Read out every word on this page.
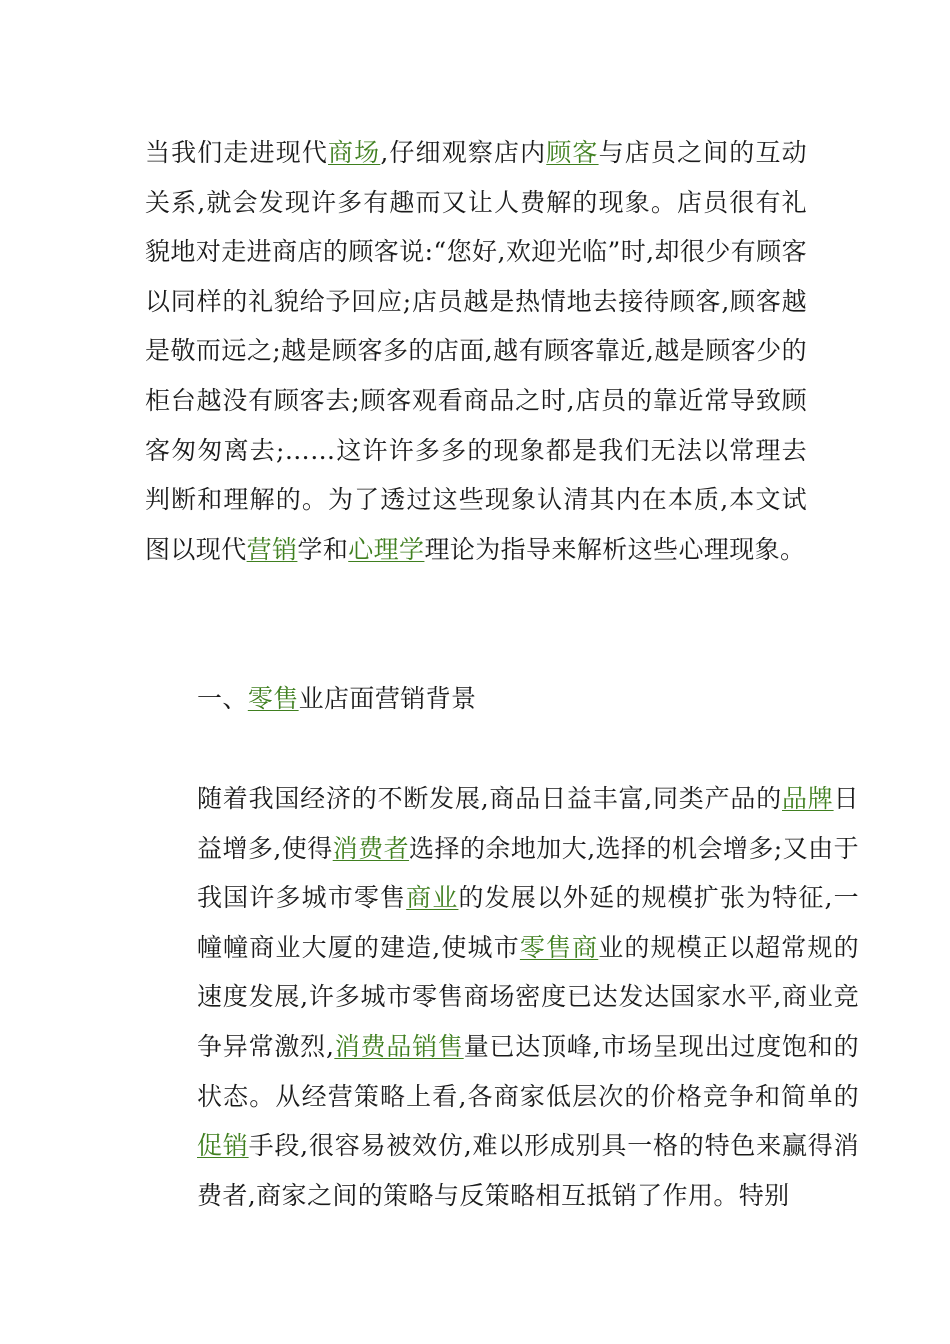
当我们走进现代商场,仔细观察店内顾客与店员之间的互动关系,就会发现许多有趣而又让人费解的现象。店员很有礼貌地对走进商店的顾客说:“您好,欢迎光临”时,却很少有顾客以同样的礼貌给予回应;店员越是热情地去接待顾客,顾客越是敬而远之;越是顾客多的店面,越有顾客靠近,越是顾客少的柜台越没有顾客去;顾客观看商品之时,店员的靠近常导致顾客匆匆离去;……这许许多多的现象都是我们无法以常理去判断和理解的。为了透过这些现象认清其内在本质,本文试图以现代营销学和心理学理论为指导来解析这些心理现象。

一、零售业店面营销背景

随着我国经济的不断发展,商品日益丰富,同类产品的品牌日益增多,使得消费者选择的余地加大,选择的机会增多;又由于我国许多城市零售商业的发展以外延的规模扩张为特征,一幢幢商业大厦的建造,使城市零售商业的规模正以超常规的速度发展,许多城市零售商场密度已达发达国家水平,商业竞争异常激烈,消费品销售量已达顶峰,市场呈现出过度饱和的状态。从经营策略上看,各商家低层次的价格竞争和简单的促销手段,很容易被效仿,难以形成别具一格的特色来赢得消费者,商家之间的策略与反策略相互抵销了作用。特别
